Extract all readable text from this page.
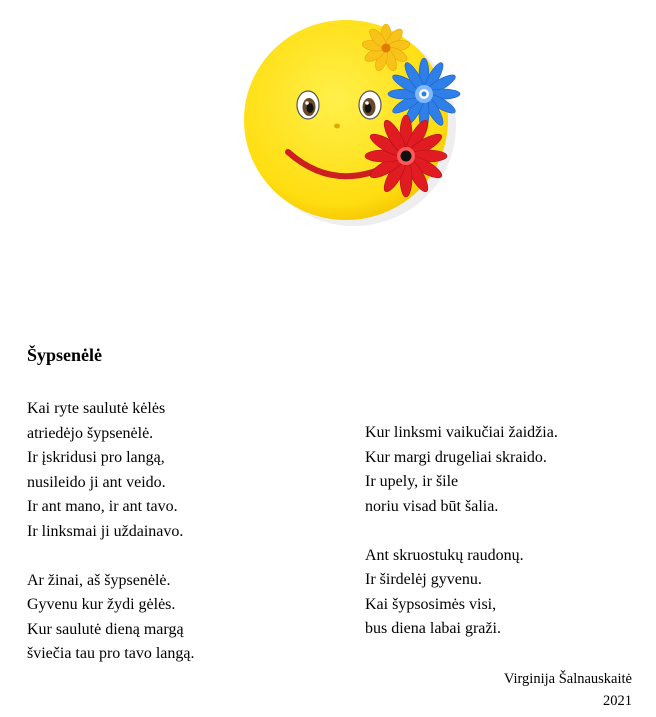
Šypsenėlė
Kai ryte saulutė kėlės
atriedėjo šypsenėlė.
Ir įskridusi pro langą,
nusileido ji ant veido.
Ir ant mano, ir ant tavo.
Ir linksmai ji uždainavo.
Ar žinai, aš šypsenėlė.
Gyvenu kur žydi gėlės.
Kur saulutė dieną margą
šviečia tau pro tavo langą.
Kur linksmi vaikučiai žaidžia.
Kur margi drugeliai skraido.
Ir upely, ir šile
noriu visad būt šalia.
Ant skruostukų raudonų.
Ir širdelėj gyvenu.
Kai šypsosimės visi,
bus diena labai graži.
Virginija Šalnauskaitė
2021
